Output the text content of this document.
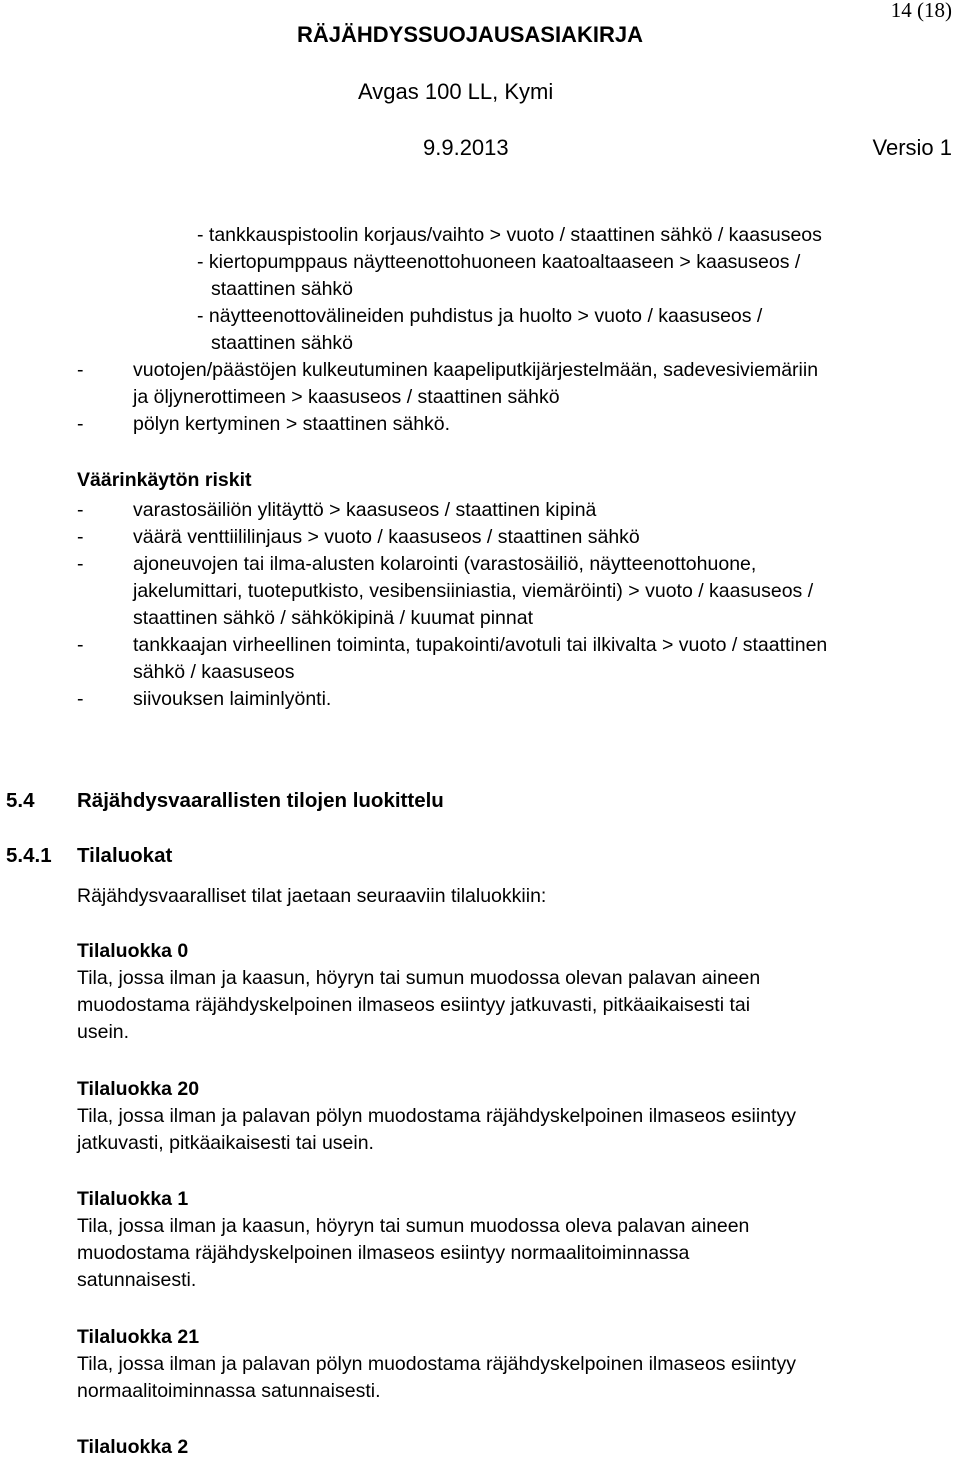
14 (18)
RÄJÄHDYSSUOJAUSASIAKIRJA
Avgas 100 LL, Kymi
9.9.2013	Versio 1
- tankkauspistoolin korjaus/vaihto > vuoto / staattinen sähkö / kaasuseos
- kiertopumppaus näytteenottohuoneen kaatoaltaaseen > kaasuseos /
staattinen sähkö
- näytteenottovälineiden puhdistus ja huolto > vuoto / kaasuseos /
staattinen sähkö
-	vuotojen/päästöjen kulkeutuminen kaapeliputkijärjestelmään, sadevesiviemäriin
ja öljynerottimeen > kaasuseos / staattinen sähkö
-	pölyn kertyminen > staattinen sähkö.
Väärinkäytön riskit
-
-
-
-
-
varastosäiliön ylitäyttö > kaasuseos / staattinen kipinä
väärä venttiililinjaus > vuoto / kaasuseos / staattinen sähkö
ajoneuvojen tai ilma-alusten kolarointi (varastosäiliö, näytteenottohuone,
jakelumittari, tuoteputkisto, vesibensiiniastia, viemäröinti) > vuoto / kaasuseos /
staattinen sähkö / sähkökipinä / kuumat pinnat
tankkaajan virheellinen toiminta, tupakointi/avotuli tai ilkivalta > vuoto / staattinen
sähkö / kaasuseos
siivouksen laiminlyönti.
5.4 Räjähdysvaarallisten tilojen luokittelu
5.4.1 Tilaluokat
Räjähdysvaaralliset tilat jaetaan seuraaviin tilaluokkiin:
Tilaluokka 0
Tila, jossa ilman ja kaasun, höyryn tai sumun muodossa olevan palavan aineen
muodostama räjähdyskelpoinen ilmaseos esiintyy jatkuvasti, pitkäaikaisesti tai
usein.
Tilaluokka 20
Tila, jossa ilman ja palavan pölyn muodostama räjähdyskelpoinen ilmaseos esiintyy
jatkuvasti, pitkäaikaisesti tai usein.
Tilaluokka 1
Tila, jossa ilman ja kaasun, höyryn tai sumun muodossa oleva palavan aineen
muodostama räjähdyskelpoinen ilmaseos esiintyy normaalitoiminnassa
satunnaisesti.
Tilaluokka 21
Tila, jossa ilman ja palavan pölyn muodostama räjähdyskelpoinen ilmaseos esiintyy
normaalitoiminnassa satunnaisesti.
Tilaluokka 2
